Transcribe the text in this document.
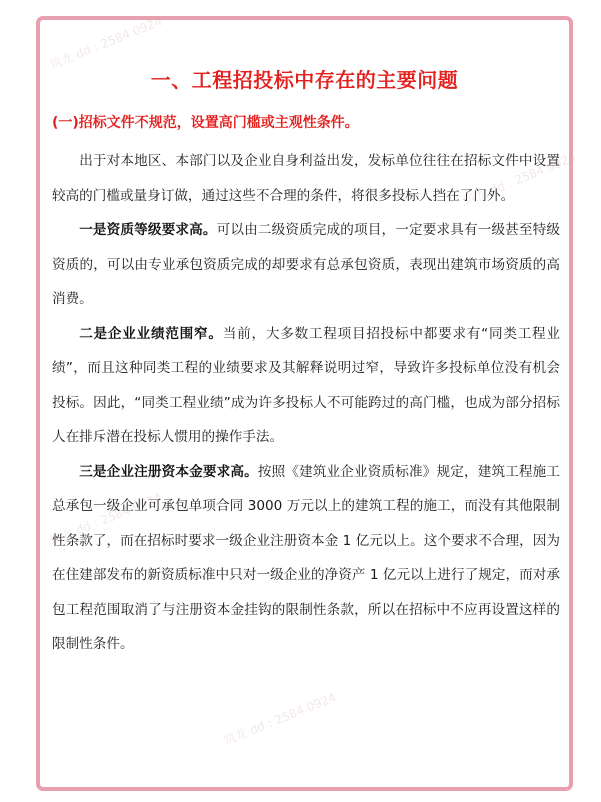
筑龙 dd : 2584 0924
筑龙 dd : 2584 0924
筑龙 dd : 2584 0924
筑龙 dd : 2584 0924
一、工程招投标中存在的主要问题
(一)招标文件不规范，设置高门槛或主观性条件。

出于对本地区、本部门以及企业自身利益出发，发标单位往往在招标文件中设置较高的门槛或量身订做，通过这些不合理的条件，将很多投标人挡在了门外。

一是资质等级要求高。可以由二级资质完成的项目，一定要求具有一级甚至特级资质的，可以由专业承包资质完成的却要求有总承包资质，表现出建筑市场资质的高消费。

二是企业业绩范围窄。当前，大多数工程项目招投标中都要求有“同类工程业绩”，而且这种同类工程的业绩要求及其解释说明过窄，导致许多投标单位没有机会投标。因此，“同类工程业绩”成为许多投标人不可能跨过的高门槛，也成为部分招标人在排斥潜在投标人惯用的操作手法。

三是企业注册资本金要求高。按照《建筑业企业资质标准》规定，建筑工程施工总承包一级企业可承包单项合同 3000 万元以上的建筑工程的施工，而没有其他限制性条款了，而在招标时要求一级企业注册资本金 1 亿元以上。这个要求不合理，因为在住建部发布的新资质标准中只对一级企业的净资产 1 亿元以上进行了规定，而对承包工程范围取消了与注册资本金挂钩的限制性条款，所以在招标中不应再设置这样的限制性条件。
